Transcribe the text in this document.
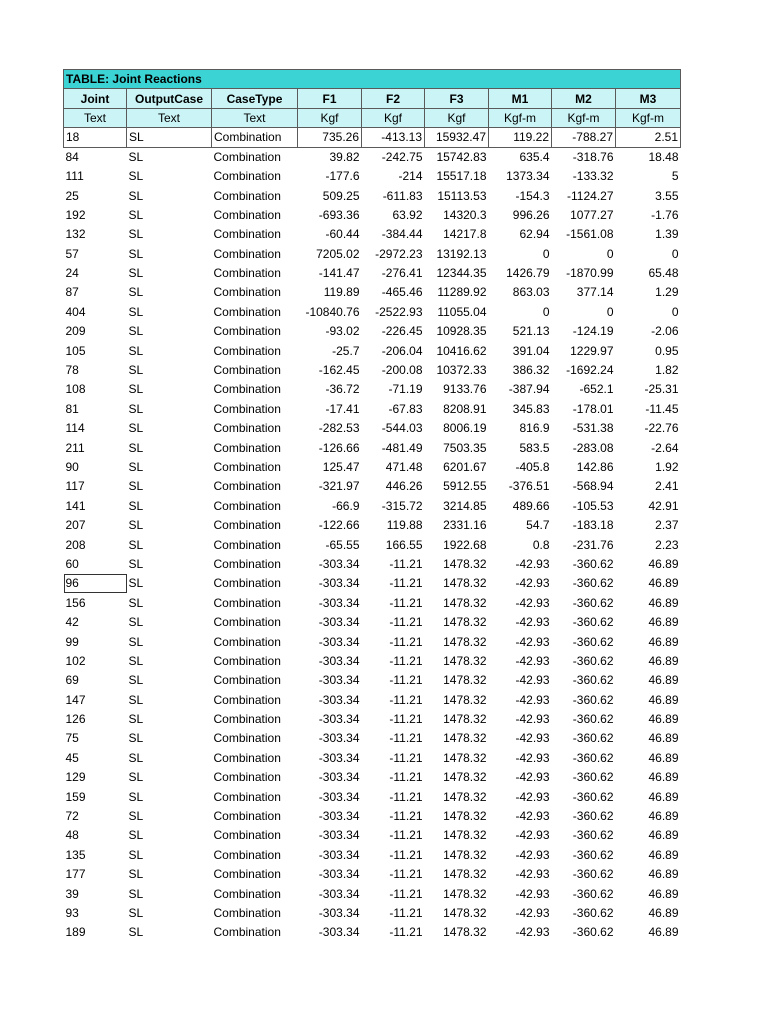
TABLE: Joint Reactions								
Joint	OutputCase	CaseType	F1	F2	F3	M1	M2	M3
Text	Text	Text	Kgf	Kgf	Kgf	Kgf-m	Kgf-m	Kgf-m
18	SL	Combination	735.26	-413.13	15932.47	119.22	-788.27	2.51
84	SL	Combination	39.82	-242.75	15742.83	635.4	-318.76	18.48
111	SL	Combination	-177.6	-214	15517.18	1373.34	-133.32	5
25	SL	Combination	509.25	-611.83	15113.53	-154.3	-1124.27	3.55
192	SL	Combination	-693.36	63.92	14320.3	996.26	1077.27	-1.76
132	SL	Combination	-60.44	-384.44	14217.8	62.94	-1561.08	1.39
57	SL	Combination	7205.02	-2972.23	13192.13	0	0	0
24	SL	Combination	-141.47	-276.41	12344.35	1426.79	-1870.99	65.48
87	SL	Combination	119.89	-465.46	11289.92	863.03	377.14	1.29
404	SL	Combination	-10840.76	-2522.93	11055.04	0	0	0
209	SL	Combination	-93.02	-226.45	10928.35	521.13	-124.19	-2.06
105	SL	Combination	-25.7	-206.04	10416.62	391.04	1229.97	0.95
78	SL	Combination	-162.45	-200.08	10372.33	386.32	-1692.24	1.82
108	SL	Combination	-36.72	-71.19	9133.76	-387.94	-652.1	-25.31
81	SL	Combination	-17.41	-67.83	8208.91	345.83	-178.01	-11.45
114	SL	Combination	-282.53	-544.03	8006.19	816.9	-531.38	-22.76
211	SL	Combination	-126.66	-481.49	7503.35	583.5	-283.08	-2.64
90	SL	Combination	125.47	471.48	6201.67	-405.8	142.86	1.92
117	SL	Combination	-321.97	446.26	5912.55	-376.51	-568.94	2.41
141	SL	Combination	-66.9	-315.72	3214.85	489.66	-105.53	42.91
207	SL	Combination	-122.66	119.88	2331.16	54.7	-183.18	2.37
208	SL	Combination	-65.55	166.55	1922.68	0.8	-231.76	2.23
60	SL	Combination	-303.34	-11.21	1478.32	-42.93	-360.62	46.89
96	SL	Combination	-303.34	-11.21	1478.32	-42.93	-360.62	46.89
156	SL	Combination	-303.34	-11.21	1478.32	-42.93	-360.62	46.89
42	SL	Combination	-303.34	-11.21	1478.32	-42.93	-360.62	46.89
99	SL	Combination	-303.34	-11.21	1478.32	-42.93	-360.62	46.89
102	SL	Combination	-303.34	-11.21	1478.32	-42.93	-360.62	46.89
69	SL	Combination	-303.34	-11.21	1478.32	-42.93	-360.62	46.89
147	SL	Combination	-303.34	-11.21	1478.32	-42.93	-360.62	46.89
126	SL	Combination	-303.34	-11.21	1478.32	-42.93	-360.62	46.89
75	SL	Combination	-303.34	-11.21	1478.32	-42.93	-360.62	46.89
45	SL	Combination	-303.34	-11.21	1478.32	-42.93	-360.62	46.89
129	SL	Combination	-303.34	-11.21	1478.32	-42.93	-360.62	46.89
159	SL	Combination	-303.34	-11.21	1478.32	-42.93	-360.62	46.89
72	SL	Combination	-303.34	-11.21	1478.32	-42.93	-360.62	46.89
48	SL	Combination	-303.34	-11.21	1478.32	-42.93	-360.62	46.89
135	SL	Combination	-303.34	-11.21	1478.32	-42.93	-360.62	46.89
177	SL	Combination	-303.34	-11.21	1478.32	-42.93	-360.62	46.89
39	SL	Combination	-303.34	-11.21	1478.32	-42.93	-360.62	46.89
93	SL	Combination	-303.34	-11.21	1478.32	-42.93	-360.62	46.89
189	SL	Combination	-303.34	-11.21	1478.32	-42.93	-360.62	46.89
